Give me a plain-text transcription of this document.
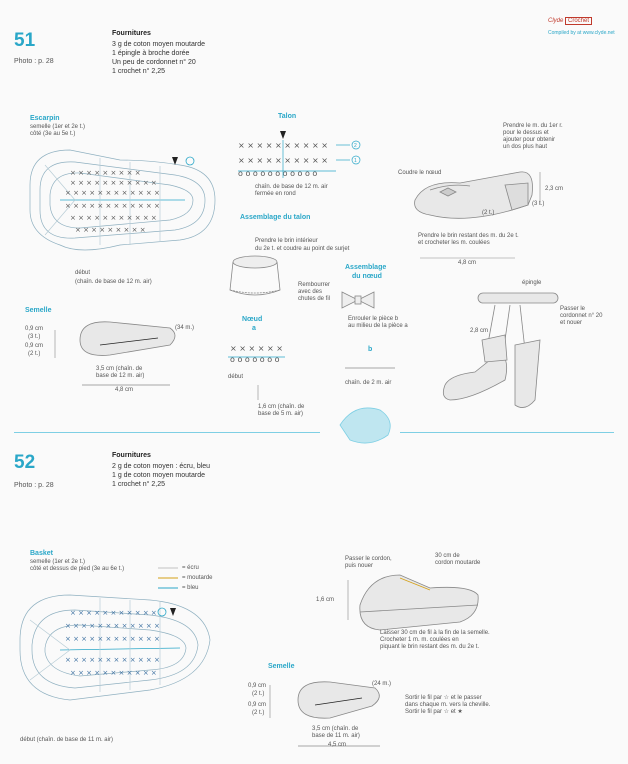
× × × × × × × × ×
× × × × × × × × × × ×
× × × × × × × × × × × ×
× × × × × × × × × × × ×
× × × × × × × × × × ×
× × × × × × × × ×
× × × × × × × × × ×
× × × × × × × × × ×
o o o o o o o o o o o
2
1
× × × × × ×
o o o o o o o
× × × × × × × × × × ×
× × × × × × × × × × × ×
× × × × × × × × × × × ×
× × × × × × × × × × × ×
× × × × × × × × × × ×
Clyde Crochet
Compiled by at www.clyde.net
51
Photo : p. 28
Fournitures
3 g de coton moyen moutarde
1 épingle à broche dorée
Un peu de cordonnet n° 20
1 crochet n° 2,25
Escarpin
semelle (1er et 2e t.)
côté (3e au 5e t.)
début
(chaîn. de base de 12 m. air)
Talon
chaîn. de base de 12 m. air
fermée en rond
Assemblage du talon
Prendre le brin intérieur
du 2e t. et coudre au point de surjet
Rembourrer
avec des
chutes de fil
Coudre le nœud
Prendre le m. du 1er r.
pour le dessus et
ajouter pour obtenir
un dos plus haut
2,3 cm
(2 t.)
(3 t.)
Prendre le brin restant des m. du 2e t.
et crocheter les m. coulées
4,8 cm
Semelle
0,9 cm
(3 t.)
0,9 cm
(2 t.)
(34 m.)
3,5 cm (chaîn. de
base de 12 m. air)
4,8 cm
Nœud
a
début
1,6 cm (chaîn. de
base de 5 m. air)
b
chaîn. de 2 m. air
Assemblage
du nœud
Enrouler le pièce b
au milieu de la pièce a
épingle
Passer le
cordonnet n° 20
et nouer
2,8 cm
52
Photo : p. 28
Fournitures
2 g de coton moyen : écru, bleu
1 g de coton moyen moutarde
1 crochet n° 2,25
Basket
semelle (1er et 2e t.)
côté et dessus de pied (3e au 6e t.)	= écru
= moutarde
= bleu
début (chaîn. de base de 11 m. air)
Passer le cordon,
puis nouer
30 cm de
cordon moutarde
1,6 cm
Laisser 30 cm de fil à la fin de la semelle.
Crocheter 1 m. m. coulées en
piquant le brin restant des m. du 2e t.
Semelle
0,9 cm
(2 t.)
0,9 cm
(2 t.)
(24 m.)
3,5 cm (chaîn. de
base de 11 m. air)
4,5 cm
Sortir le fil par ☆ et le passer
dans chaque m. vers la cheville.
Sortir le fil par ☆ et ★
